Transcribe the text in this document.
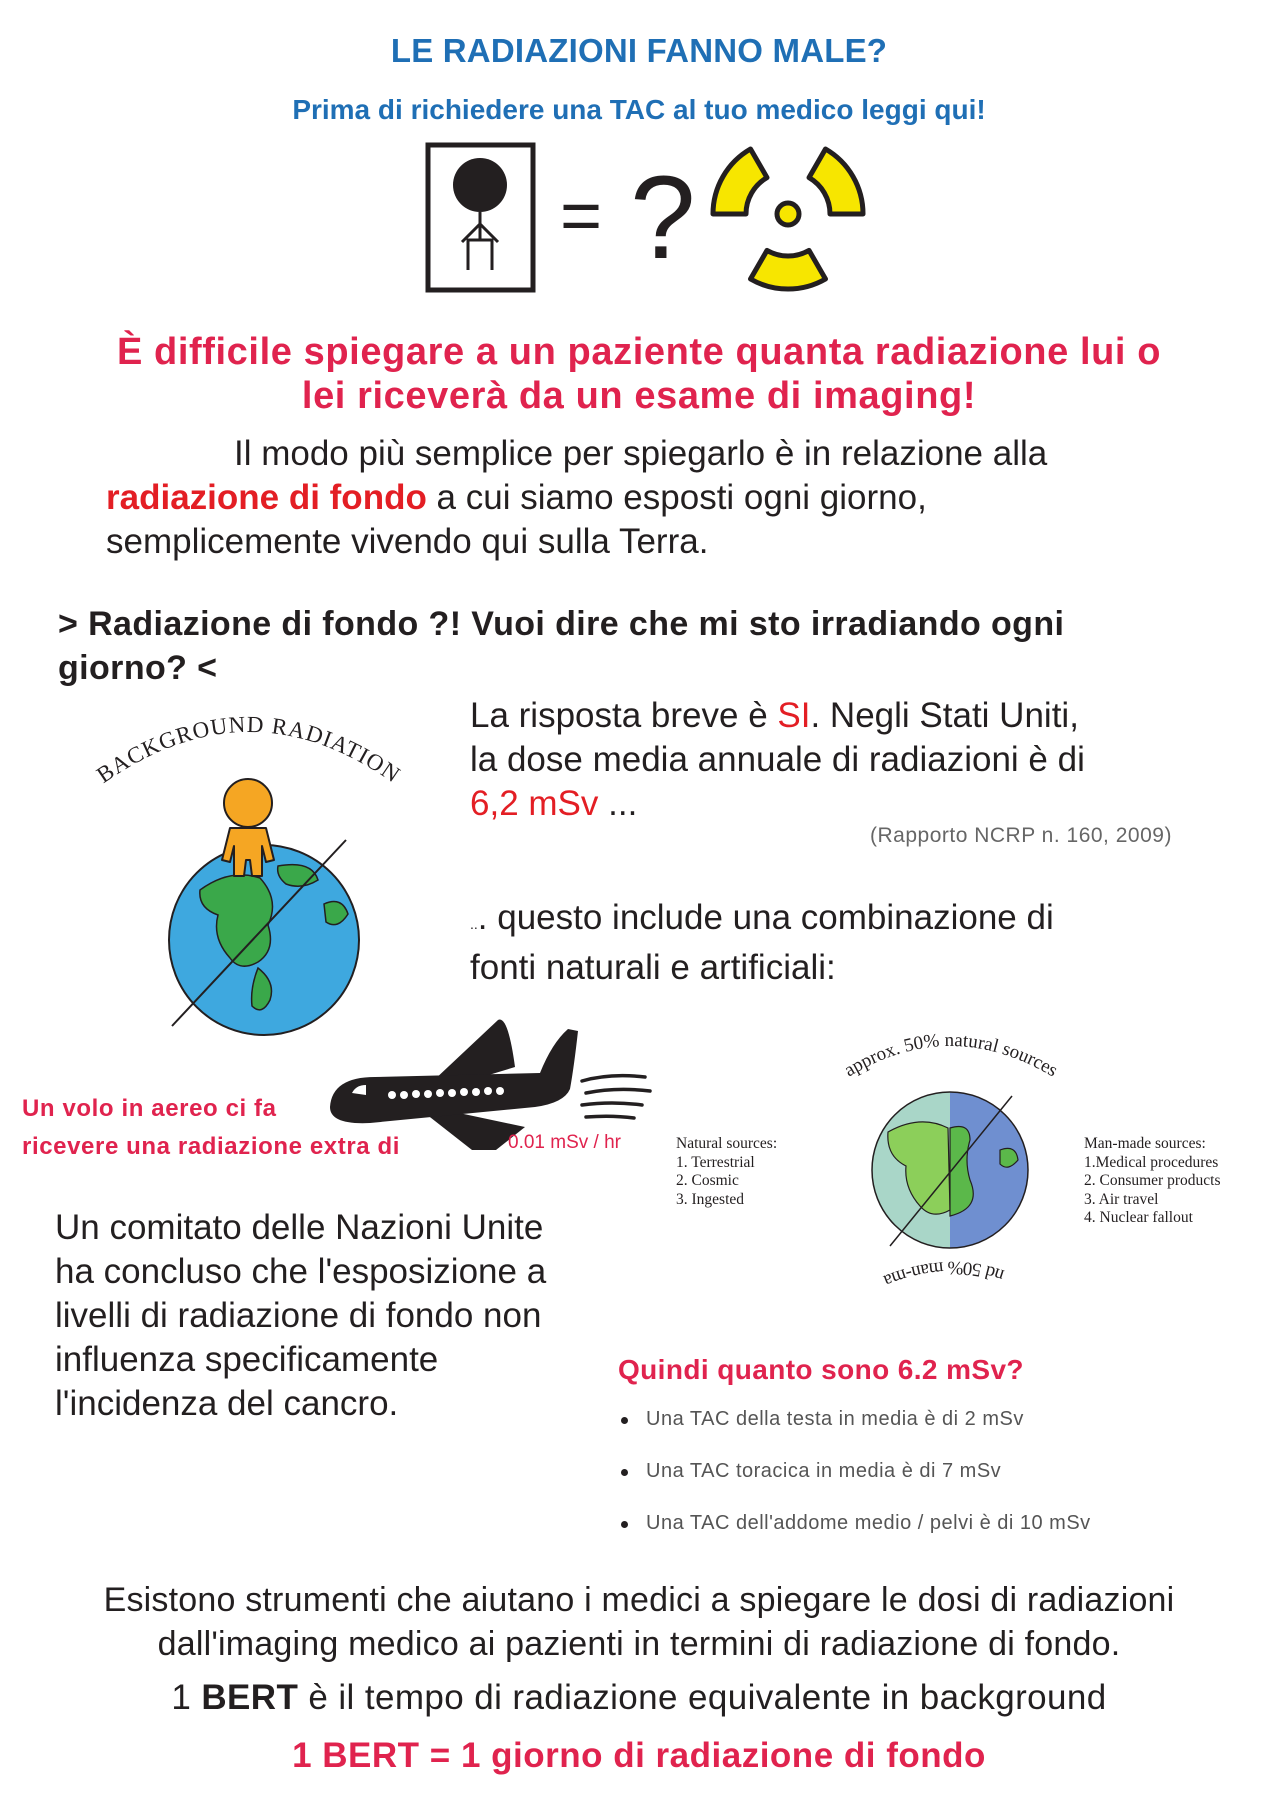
LE RADIAZIONI FANNO MALE?
Prima di richiedere una TAC al tuo medico leggi qui!
= ?
È difficile spiegare a un paziente quanta radiazione lui o
lei riceverà da un esame di imaging!
Il modo più semplice per spiegarlo è in relazione alla
radiazione di fondo a cui siamo esposti ogni giorno,
semplicemente vivendo qui sulla Terra.
> Radiazione di fondo ?! Vuoi dire che mi sto irradiando ogni
giorno? <
BACKGROUND RADIATION
La risposta breve è SI. Negli Stati Uniti,
la dose media annuale di radiazioni è di
6,2 mSv ...
(Rapporto NCRP n. 160, 2009)
... questo include una combinazione di
fonti naturali e artificiali:
Un volo in aereo ci fa
ricevere una radiazione extra di	0.01 mSv / hr
approx. 50% natural sources
nd 50% man-ma
Natural sources:
1. Terrestrial
2. Cosmic
3. Ingested
Man-made sources:
1.Medical procedures
2. Consumer products
3. Air travel
4. Nuclear fallout
Un comitato delle Nazioni Unite
ha concluso che l'esposizione a
livelli di radiazione di fondo non
influenza specificamente
l'incidenza del cancro.
Quindi quanto sono 6.2 mSv?
Una TAC della testa in media è di 2 mSv
Una TAC toracica in media è di 7 mSv
Una TAC dell'addome medio / pelvi è di 10 mSv
Esistono strumenti che aiutano i medici a spiegare le dosi di radiazioni
dall'imaging medico ai pazienti in termini di radiazione di fondo.
1 BERT è il tempo di radiazione equivalente in background
1 BERT = 1 giorno di radiazione di fondo
